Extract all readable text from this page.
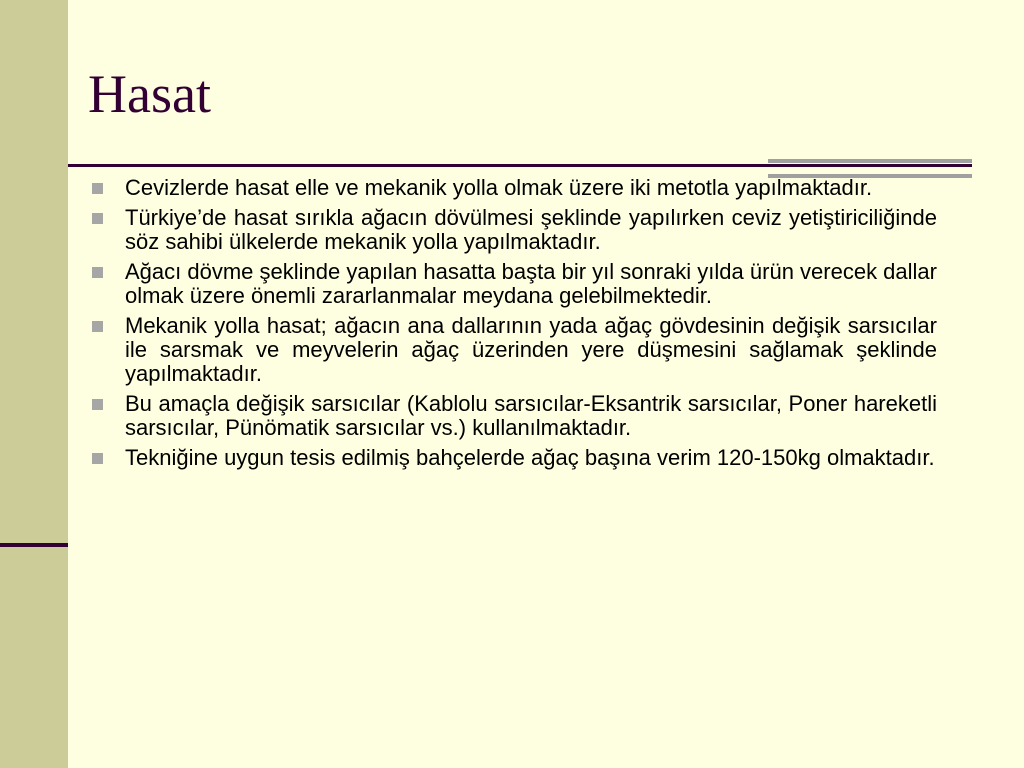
Hasat
Cevizlerde hasat elle ve mekanik yolla olmak üzere iki metotla yapılmaktadır.
Türkiye’de hasat sırıkla ağacın dövülmesi şeklinde yapılırken ceviz yetiştiriciliğinde söz sahibi ülkelerde mekanik yolla yapılmaktadır.
Ağacı dövme şeklinde yapılan hasatta başta bir yıl sonraki yılda ürün verecek dallar olmak üzere önemli zararlanmalar meydana gelebilmektedir.
Mekanik yolla hasat; ağacın ana dallarının yada ağaç gövdesinin değişik sarsıcılar ile sarsmak ve meyvelerin ağaç üzerinden yere düşmesini sağlamak şeklinde yapılmaktadır.
Bu amaçla değişik sarsıcılar (Kablolu sarsıcılar-Eksantrik sarsıcılar, Poner hareketli sarsıcılar, Pünömatik sarsıcılar vs.) kullanılmaktadır.
Tekniğine uygun tesis edilmiş bahçelerde ağaç başına verim 120-150kg olmaktadır.
